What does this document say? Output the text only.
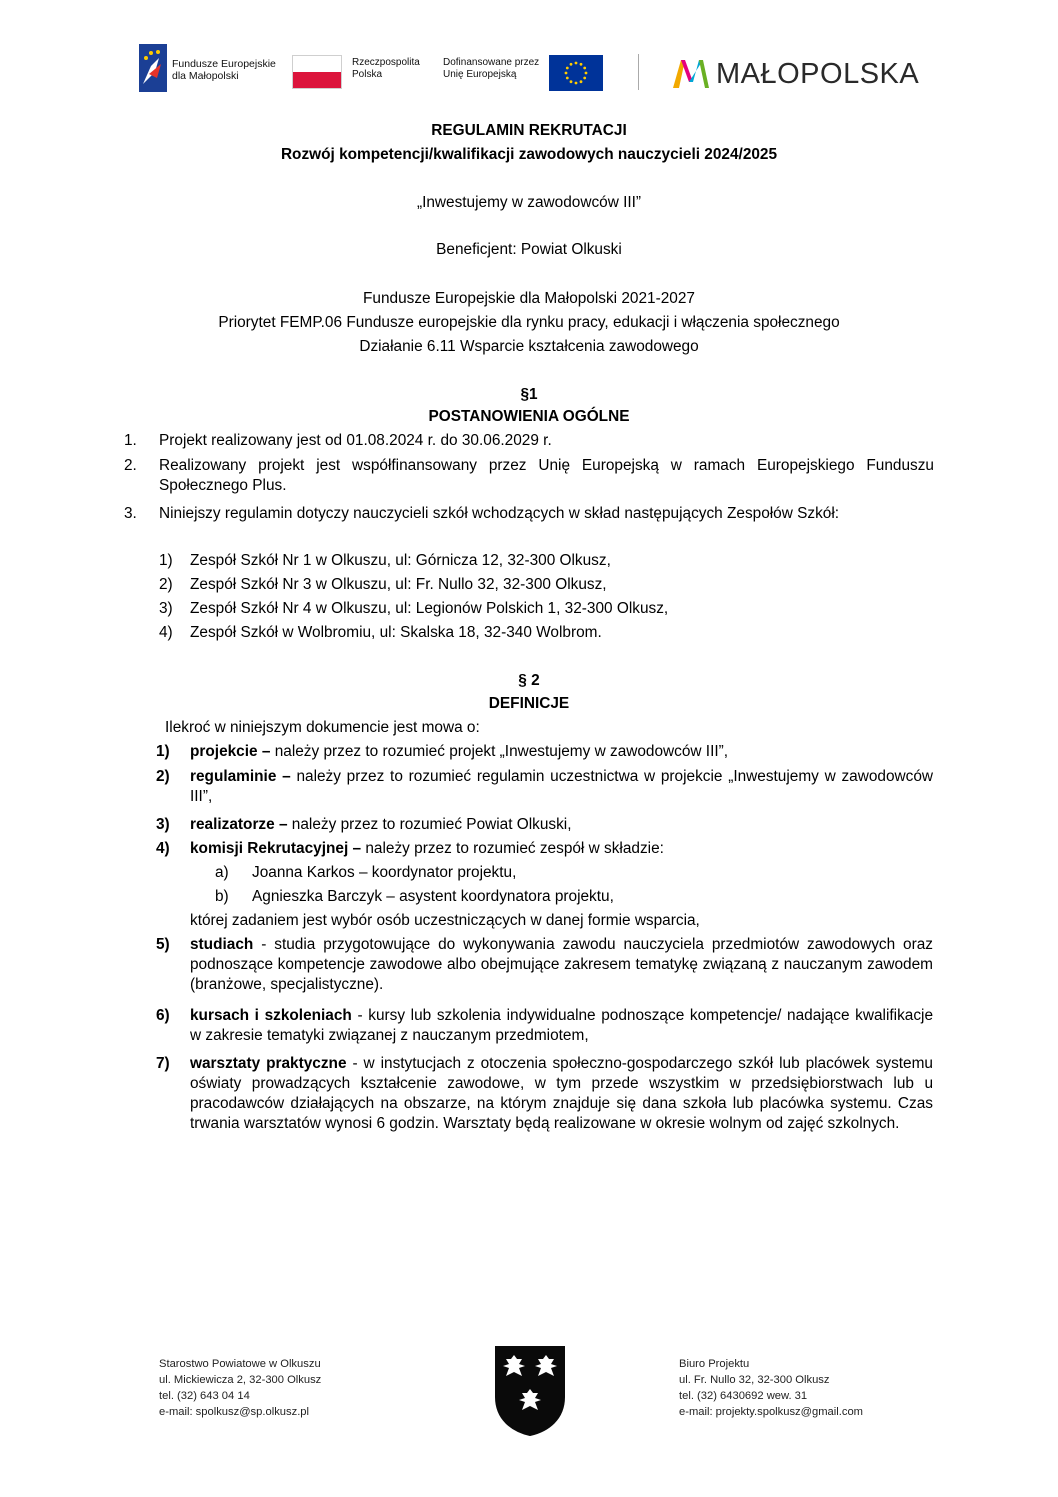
Fundusze Europejskie
dla Małopolski
Rzeczpospolita
Polska
Dofinansowane przez
Unię Europejską	MAŁOPOLSKA
REGULAMIN REKRUTACJI
Rozwój kompetencji/kwalifikacji zawodowych nauczycieli 2024/2025
„Inwestujemy w zawodowców III”
Beneficjent: Powiat Olkuski
Fundusze Europejskie dla Małopolski 2021-2027
Priorytet FEMP.06 Fundusze europejskie dla rynku pracy, edukacji i włączenia społecznego
Działanie 6.11 Wsparcie kształcenia zawodowego
§1
POSTANOWIENIA OGÓLNE
1. Projekt realizowany jest od 01.08.2024 r. do 30.06.2029 r.
2. Realizowany projekt jest współfinansowany przez Unię Europejską w ramach Europejskiego Funduszu Społecznego Plus.
3. Niniejszy regulamin dotyczy nauczycieli szkół wchodzących w skład następujących Zespołów Szkół:
1) Zespół Szkół Nr 1 w Olkuszu, ul: Górnicza 12, 32-300 Olkusz,
2) Zespół Szkół Nr 3 w Olkuszu, ul: Fr. Nullo 32, 32-300 Olkusz,
3) Zespół Szkół Nr 4 w Olkuszu, ul: Legionów Polskich 1, 32-300 Olkusz,
4) Zespół Szkół w Wolbromiu, ul: Skalska 18, 32-340 Wolbrom.
§ 2
DEFINICJE
Ilekroć w niniejszym dokumencie jest mowa o:
1) projekcie – należy przez to rozumieć projekt „Inwestujemy w zawodowców III”,
2) regulaminie – należy przez to rozumieć regulamin uczestnictwa w projekcie „Inwestujemy w zawodowców III”,
3) realizatorze – należy przez to rozumieć Powiat Olkuski,
4) komisji Rekrutacyjnej – należy przez to rozumieć zespół w składzie:
a) Joanna Karkos – koordynator projektu,
b) Agnieszka Barczyk – asystent koordynatora projektu,
której zadaniem jest wybór osób uczestniczących w danej formie wsparcia,
5) studiach - studia przygotowujące do wykonywania zawodu nauczyciela przedmiotów zawodowych oraz podnoszące kompetencje zawodowe albo obejmujące zakresem tematykę związaną z nauczanym zawodem (branżowe, specjalistyczne).
6) kursach i szkoleniach - kursy lub szkolenia indywidualne podnoszące kompetencje/ nadające kwalifikacje w zakresie tematyki związanej z nauczanym przedmiotem,
7) warsztaty praktyczne - w instytucjach z otoczenia społeczno-gospodarczego szkół lub placówek systemu oświaty prowadzących kształcenie zawodowe, w tym przede wszystkim w przedsiębiorstwach lub u pracodawców działających na obszarze, na którym znajduje się dana szkoła lub placówka systemu. Czas trwania warsztatów wynosi 6 godzin. Warsztaty będą realizowane w okresie wolnym od zajęć szkolnych.
Starostwo Powiatowe w Olkuszu
ul. Mickiewicza 2, 32-300 Olkusz
tel. (32) 643 04 14
e-mail: spolkusz@sp.olkusz.pl
Biuro Projektu
ul. Fr. Nullo 32, 32-300 Olkusz
tel. (32) 6430692 wew. 31
e-mail: projekty.spolkusz@gmail.com
